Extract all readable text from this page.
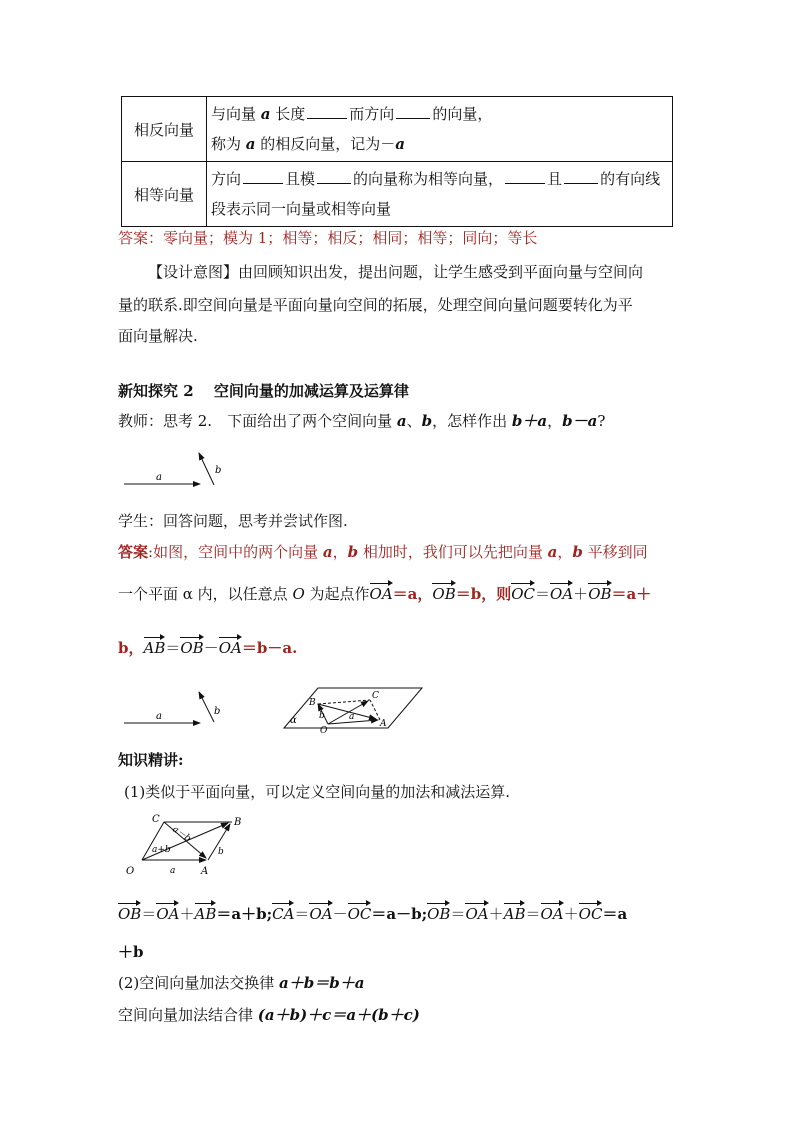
相反向量	与向量 a 长度 而方向 的向量，
称为 a 的相反向量，记为－a

相等向量	方向 且模 的向量称为相等向量， 且 的有向线
段表示同一向量或相等向量
答案：零向量；模为 1；相等；相反；相同；相等；同向；等长
【设计意图】由回顾知识出发，提出问题，让学生感受到平面向量与空间向
量的联系.即空间向量是平面向量向空间的拓展，处理空间向量问题要转化为平
面向量解决.
新知探究 2　 空间向量的加减运算及运算律
教师：思考 2.　下面给出了两个空间向量 a、b，怎样作出 b＋a，b－a?
a
b
学生：回答问题，思考并尝试作图.
答案:如图，空间中的两个向量 a，b 相加时，我们可以先把向量 a，b 平移到同
一个平面 α 内，以任意点 O 为起点作OA＝a，OB＝b，则OC＝OA＋OB＝a＋
b，AB＝OB－OA＝b－a.
a	b
α
O
A
B
C
a
b
知识精讲:
(1)类似于平面向量，可以定义空间向量的加法和减法运算.
O	A
B
C
a
b
a+b
a－b
OB＝OA＋AB＝a＋b;CA＝OA－OC＝a－b;OB＝OA＋AB＝OA＋OC＝a
＋b
(2)空间向量加法交换律 a＋b＝b＋a
空间向量加法结合律 (a＋b)＋c＝a＋(b＋c)
